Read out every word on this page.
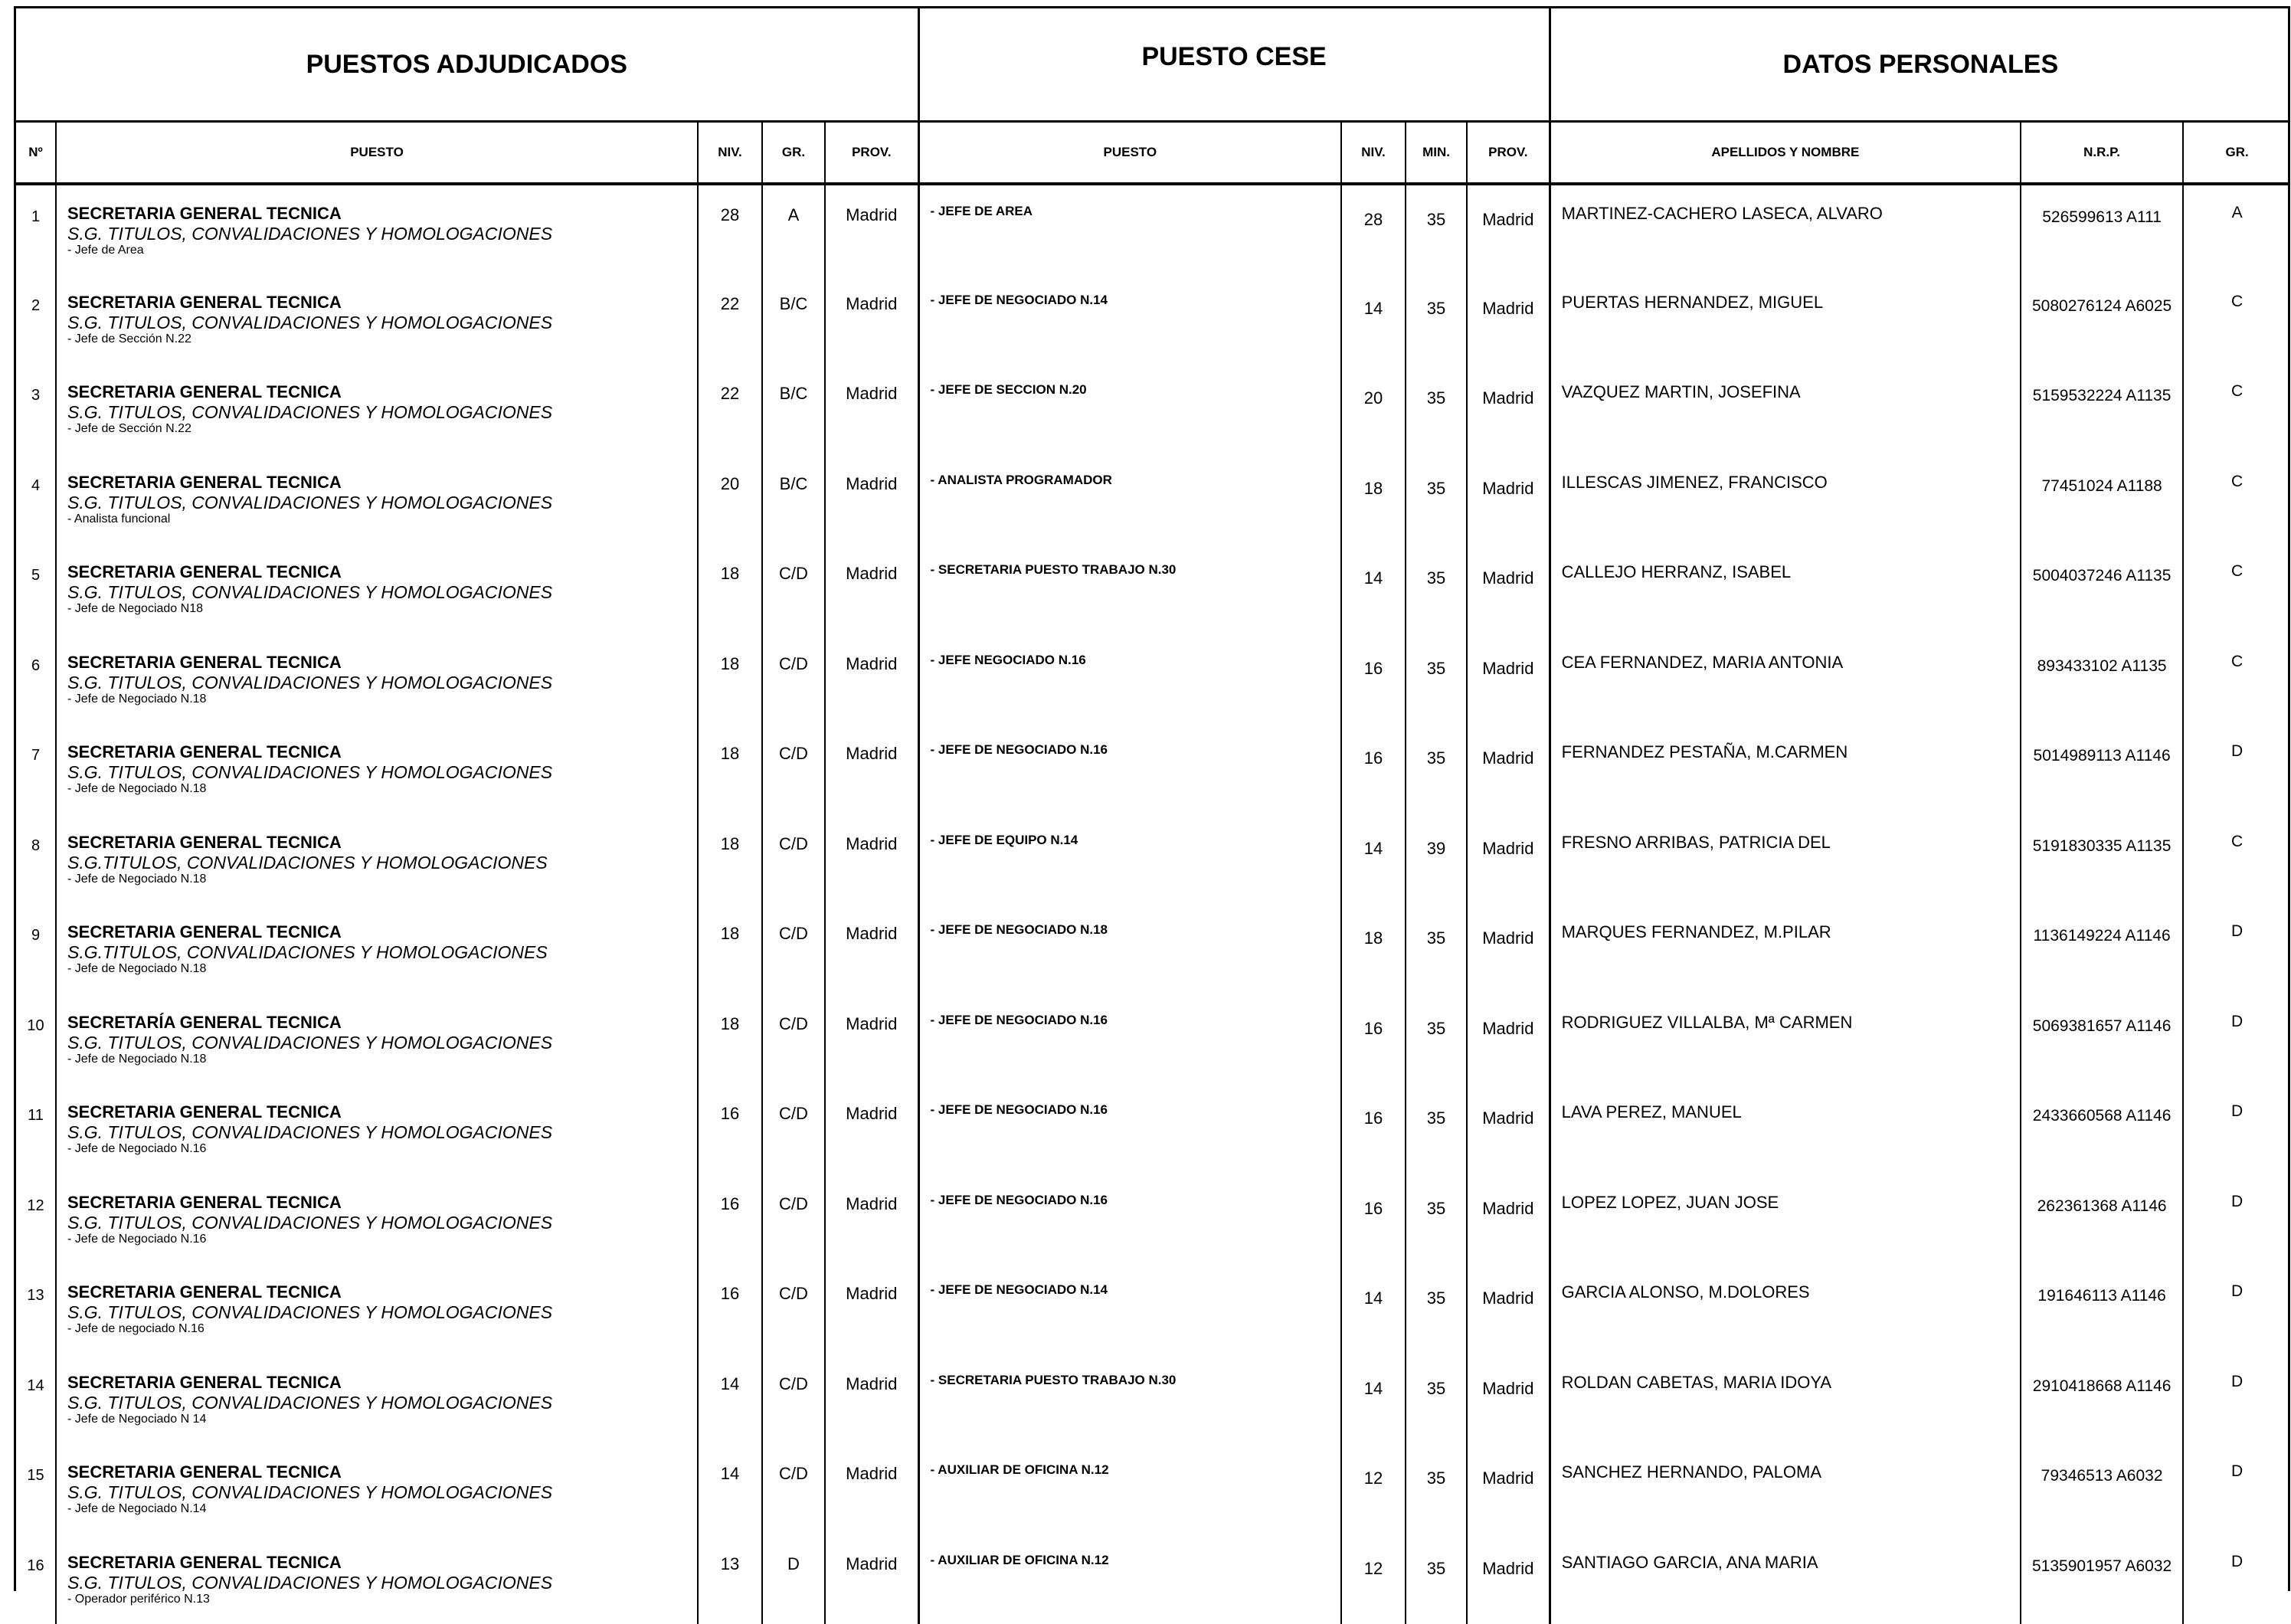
PUESTOS ADJUDICADOS					PUESTO CESE				DATOS PERSONALES		
Nº	PUESTO	NIV.	GR.	PROV.	PUESTO	NIV.	MIN.	PROV.	APELLIDOS Y NOMBRE	N.R.P.	GR.
1	SECRETARIA GENERAL TECNICA
S.G. TITULOS, CONVALIDACIONES Y HOMOLOGACIONES
- Jefe de Area	28	A	Madrid	- JEFE DE AREA	28	35	Madrid	MARTINEZ-CACHERO LASECA, ALVARO	526599613 A111	A
2	SECRETARIA GENERAL TECNICA
S.G. TITULOS, CONVALIDACIONES Y HOMOLOGACIONES
- Jefe de Sección N.22	22	B/C	Madrid	- JEFE DE NEGOCIADO N.14	14	35	Madrid	PUERTAS HERNANDEZ, MIGUEL	5080276124 A6025	C
3	SECRETARIA GENERAL TECNICA
S.G. TITULOS, CONVALIDACIONES Y HOMOLOGACIONES
- Jefe de Sección N.22	22	B/C	Madrid	- JEFE DE SECCION N.20	20	35	Madrid	VAZQUEZ MARTIN, JOSEFINA	5159532224 A1135	C
4	SECRETARIA GENERAL TECNICA
S.G. TITULOS, CONVALIDACIONES Y HOMOLOGACIONES
- Analista funcional	20	B/C	Madrid	- ANALISTA PROGRAMADOR	18	35	Madrid	ILLESCAS JIMENEZ, FRANCISCO	77451024 A1188	C
5	SECRETARIA GENERAL TECNICA
S.G. TITULOS, CONVALIDACIONES Y HOMOLOGACIONES
- Jefe de Negociado N18	18	C/D	Madrid	- SECRETARIA PUESTO TRABAJO N.30	14	35	Madrid	CALLEJO HERRANZ, ISABEL	5004037246 A1135	C
6	SECRETARIA GENERAL TECNICA
S.G. TITULOS, CONVALIDACIONES Y HOMOLOGACIONES
- Jefe de Negociado N.18	18	C/D	Madrid	- JEFE NEGOCIADO N.16	16	35	Madrid	CEA FERNANDEZ, MARIA ANTONIA	893433102 A1135	C
7	SECRETARIA GENERAL TECNICA
S.G. TITULOS, CONVALIDACIONES Y HOMOLOGACIONES
- Jefe de Negociado N.18	18	C/D	Madrid	- JEFE DE NEGOCIADO N.16	16	35	Madrid	FERNANDEZ PESTAÑA, M.CARMEN	5014989113 A1146	D
8	SECRETARIA GENERAL TECNICA
S.G.TITULOS, CONVALIDACIONES Y HOMOLOGACIONES
- Jefe de Negociado N.18	18	C/D	Madrid	- JEFE DE EQUIPO N.14	14	39	Madrid	FRESNO ARRIBAS, PATRICIA DEL	5191830335 A1135	C
9	SECRETARIA GENERAL TECNICA
S.G.TITULOS, CONVALIDACIONES Y HOMOLOGACIONES
- Jefe de Negociado N.18	18	C/D	Madrid	- JEFE DE NEGOCIADO N.18	18	35	Madrid	MARQUES FERNANDEZ, M.PILAR	1136149224 A1146	D
10	SECRETARÍA GENERAL TECNICA
S.G. TITULOS, CONVALIDACIONES Y HOMOLOGACIONES
- Jefe de Negociado N.18	18	C/D	Madrid	- JEFE DE NEGOCIADO N.16	16	35	Madrid	RODRIGUEZ VILLALBA, Mª CARMEN	5069381657 A1146	D
11	SECRETARIA GENERAL TECNICA
S.G. TITULOS, CONVALIDACIONES Y HOMOLOGACIONES
- Jefe de Negociado N.16	16	C/D	Madrid	- JEFE DE NEGOCIADO N.16	16	35	Madrid	LAVA PEREZ, MANUEL	2433660568 A1146	D
12	SECRETARIA GENERAL TECNICA
S.G. TITULOS, CONVALIDACIONES Y HOMOLOGACIONES
- Jefe de Negociado N.16	16	C/D	Madrid	- JEFE DE NEGOCIADO N.16	16	35	Madrid	LOPEZ LOPEZ, JUAN JOSE	262361368 A1146	D
13	SECRETARIA GENERAL TECNICA
S.G. TITULOS, CONVALIDACIONES Y HOMOLOGACIONES
- Jefe de negociado N.16	16	C/D	Madrid	- JEFE DE NEGOCIADO N.14	14	35	Madrid	GARCIA ALONSO, M.DOLORES	191646113 A1146	D
14	SECRETARIA GENERAL TECNICA
S.G. TITULOS, CONVALIDACIONES Y HOMOLOGACIONES
- Jefe de Negociado N 14	14	C/D	Madrid	- SECRETARIA PUESTO TRABAJO N.30	14	35	Madrid	ROLDAN CABETAS, MARIA IDOYA	2910418668 A1146	D
15	SECRETARIA GENERAL TECNICA
S.G. TITULOS, CONVALIDACIONES Y HOMOLOGACIONES
- Jefe de Negociado N.14	14	C/D	Madrid	- AUXILIAR DE OFICINA N.12	12	35	Madrid	SANCHEZ HERNANDO, PALOMA	79346513 A6032	D
16	SECRETARIA GENERAL TECNICA
S.G. TITULOS, CONVALIDACIONES Y HOMOLOGACIONES
- Operador periférico N.13	13	D	Madrid	- AUXILIAR DE OFICINA N.12	12	35	Madrid	SANTIAGO GARCIA, ANA MARIA	5135901957 A6032	D
